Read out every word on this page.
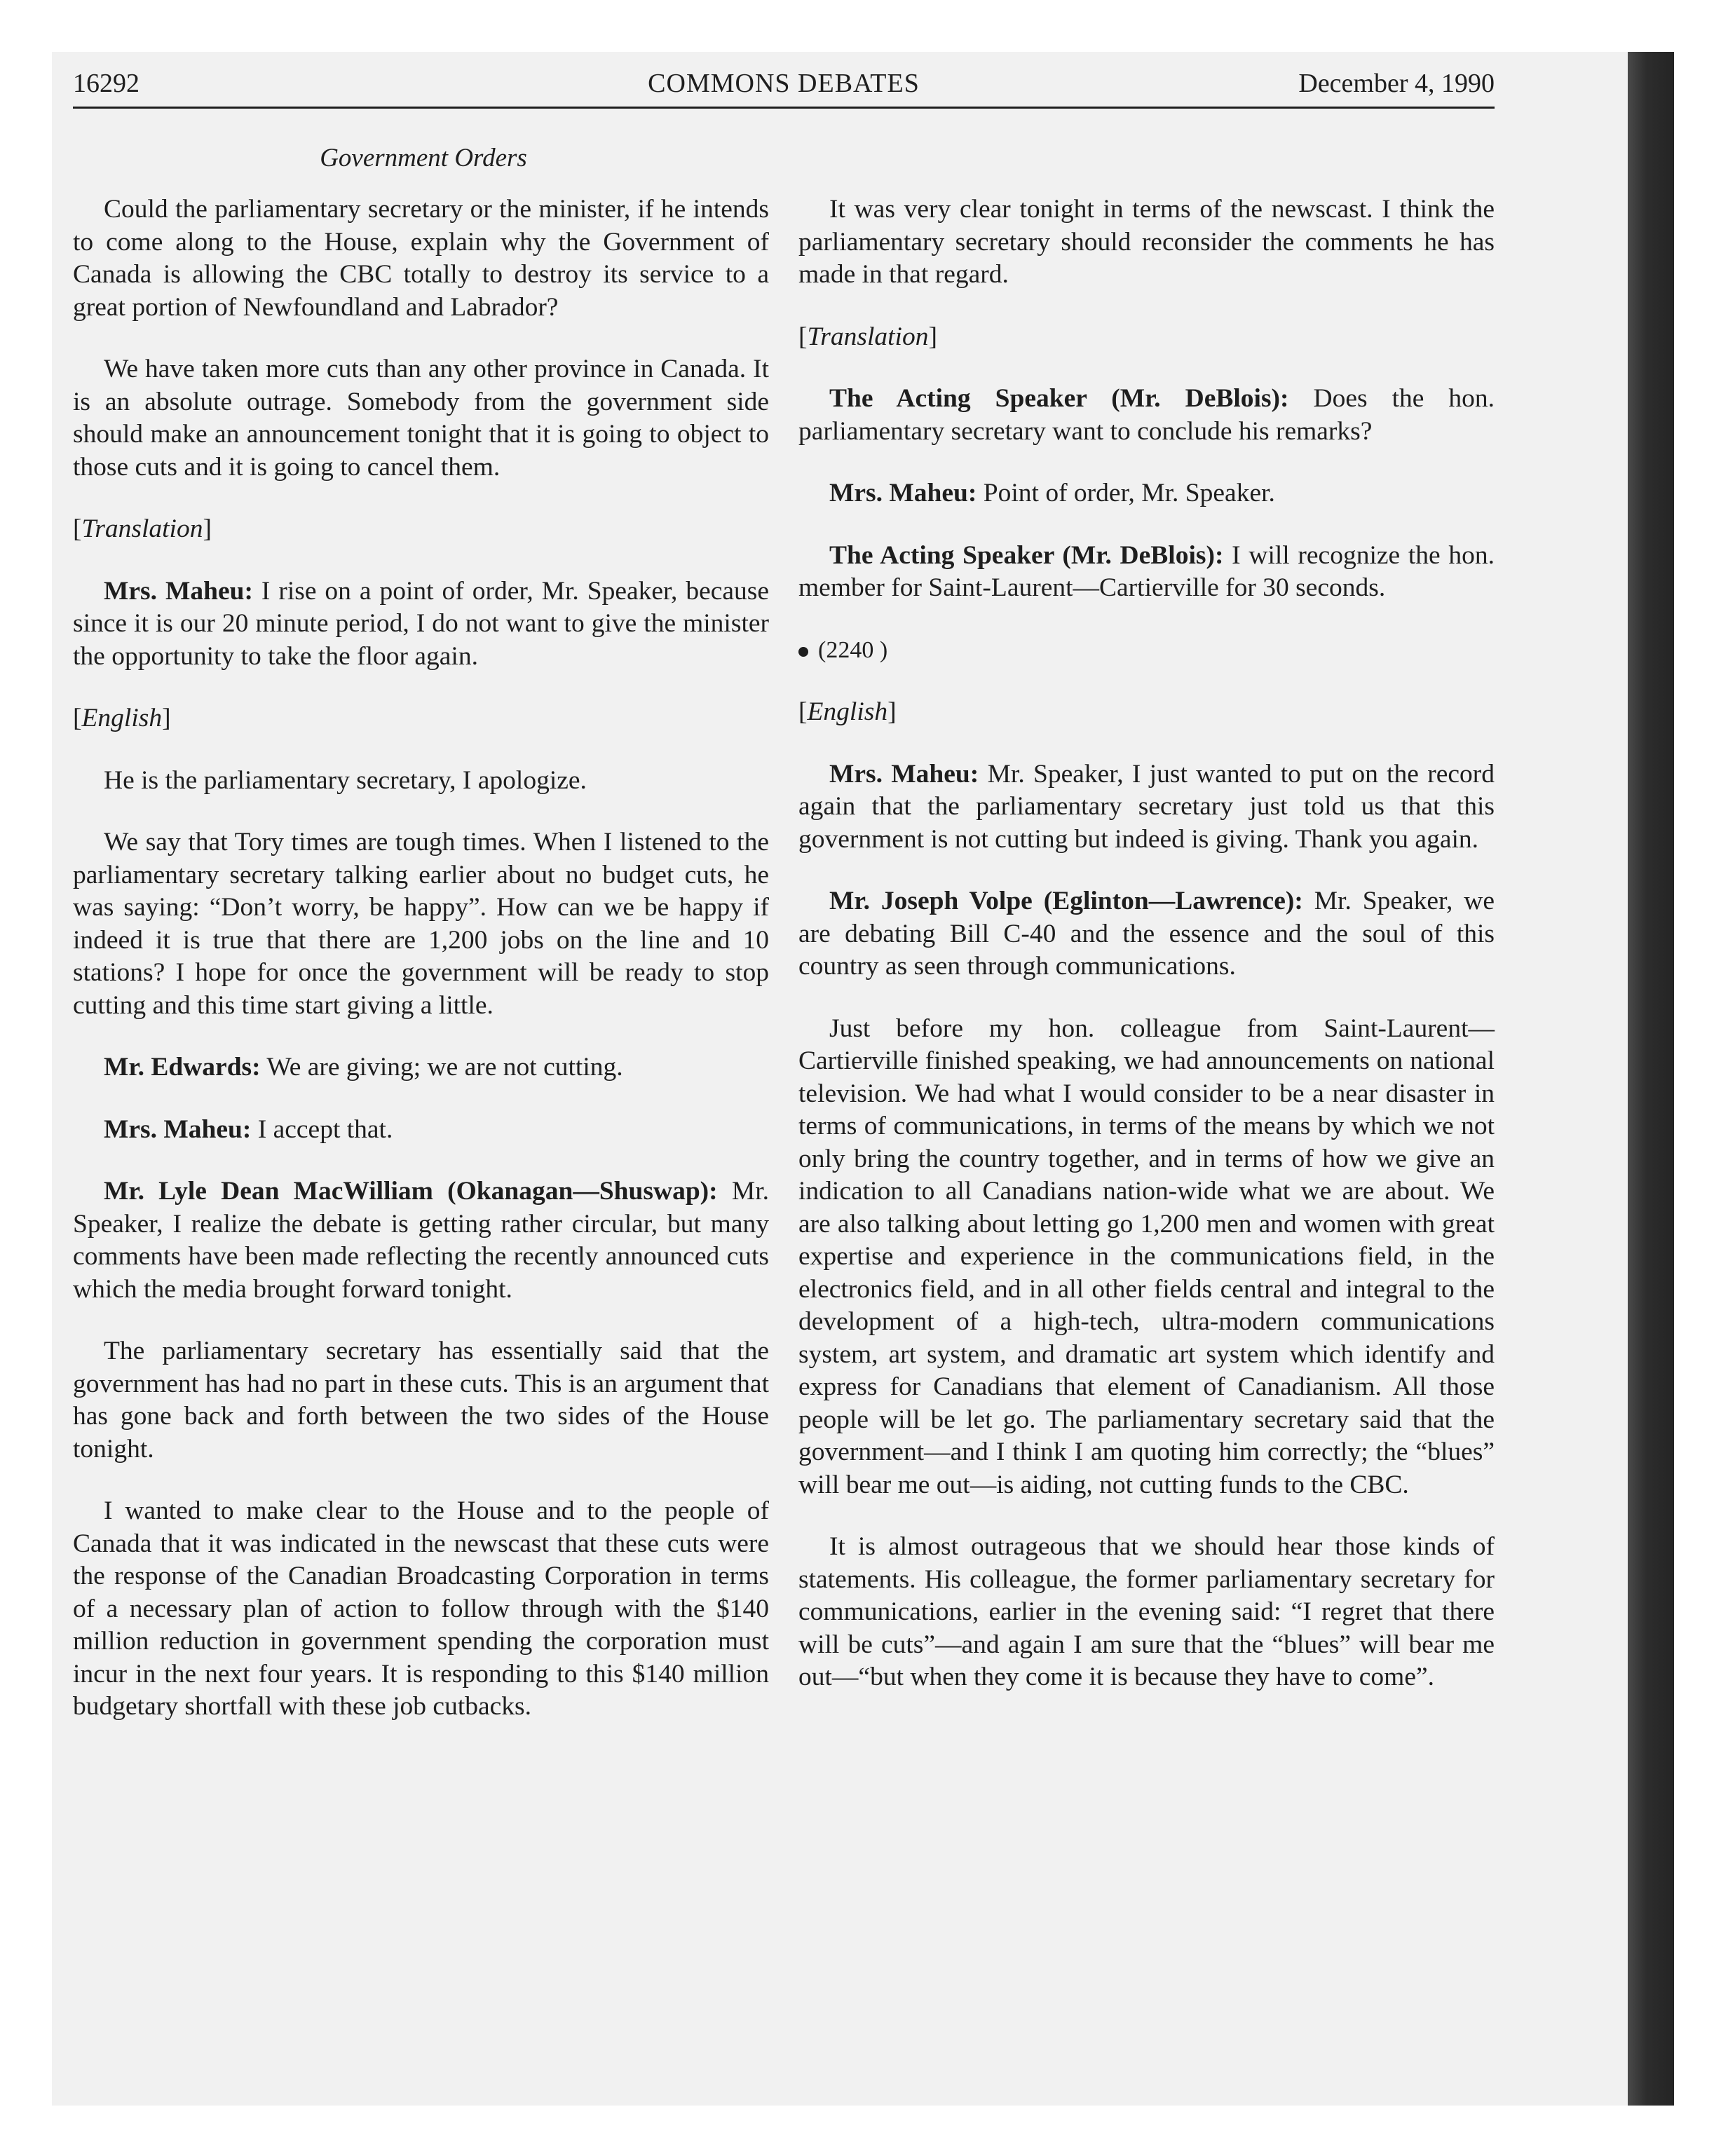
16292	COMMONS DEBATES	December 4, 1990
Government Orders

Could the parliamentary secretary or the minister, if he intends to come along to the House, explain why the Government of Canada is allowing the CBC totally to destroy its service to a great portion of Newfoundland and Labrador?

We have taken more cuts than any other province in Canada. It is an absolute outrage. Somebody from the government side should make an announcement tonight that it is going to object to those cuts and it is going to cancel them.

[Translation]

Mrs. Maheu: I rise on a point of order, Mr. Speaker, because since it is our 20 minute period, I do not want to give the minister the opportunity to take the floor again.

[English]

He is the parliamentary secretary, I apologize.

We say that Tory times are tough times. When I listened to the parliamentary secretary talking earlier about no budget cuts, he was saying: “Don’t worry, be happy”. How can we be happy if indeed it is true that there are 1,200 jobs on the line and 10 stations? I hope for once the government will be ready to stop cutting and this time start giving a little.

Mr. Edwards: We are giving; we are not cutting.

Mrs. Maheu: I accept that.

Mr. Lyle Dean MacWilliam (Okanagan—Shuswap): Mr. Speaker, I realize the debate is getting rather circular, but many comments have been made reflecting the recently announced cuts which the media brought forward tonight.

The parliamentary secretary has essentially said that the government has had no part in these cuts. This is an argument that has gone back and forth between the two sides of the House tonight.

I wanted to make clear to the House and to the people of Canada that it was indicated in the newscast that these cuts were the response of the Canadian Broadcasting Corporation in terms of a necessary plan of action to follow through with the $140 million reduction in government spending the corporation must incur in the next four years. It is responding to this $140 million budgetary shortfall with these job cutbacks.

It was very clear tonight in terms of the newscast. I think the parliamentary secretary should reconsider the comments he has made in that regard.

[Translation]

The Acting Speaker (Mr. DeBlois): Does the hon. parliamentary secretary want to conclude his remarks?

Mrs. Maheu: Point of order, Mr. Speaker.

The Acting Speaker (Mr. DeBlois): I will recognize the hon. member for Saint-Laurent—Cartierville for 30 seconds.

(2240 )

[English]

Mrs. Maheu: Mr. Speaker, I just wanted to put on the record again that the parliamentary secretary just told us that this government is not cutting but indeed is giving. Thank you again.

Mr. Joseph Volpe (Eglinton—Lawrence): Mr. Speaker, we are debating Bill C-40 and the essence and the soul of this country as seen through communications.

Just before my hon. colleague from Saint-Laurent—Cartierville finished speaking, we had announcements on national television. We had what I would consider to be a near disaster in terms of communications, in terms of the means by which we not only bring the country together, and in terms of how we give an indication to all Canadians nation-wide what we are about. We are also talking about letting go 1,200 men and women with great expertise and experience in the communications field, in the electronics field, and in all other fields central and integral to the development of a high-tech, ultra-modern communications system, art system, and dramatic art system which identify and express for Canadians that element of Canadianism. All those people will be let go. The parliamentary secretary said that the government—and I think I am quoting him correctly; the “blues” will bear me out—is aiding, not cutting funds to the CBC.

It is almost outrageous that we should hear those kinds of statements. His colleague, the former parliamentary secretary for communications, earlier in the evening said: “I regret that there will be cuts”—and again I am sure that the “blues” will bear me out—“but when they come it is because they have to come”.
